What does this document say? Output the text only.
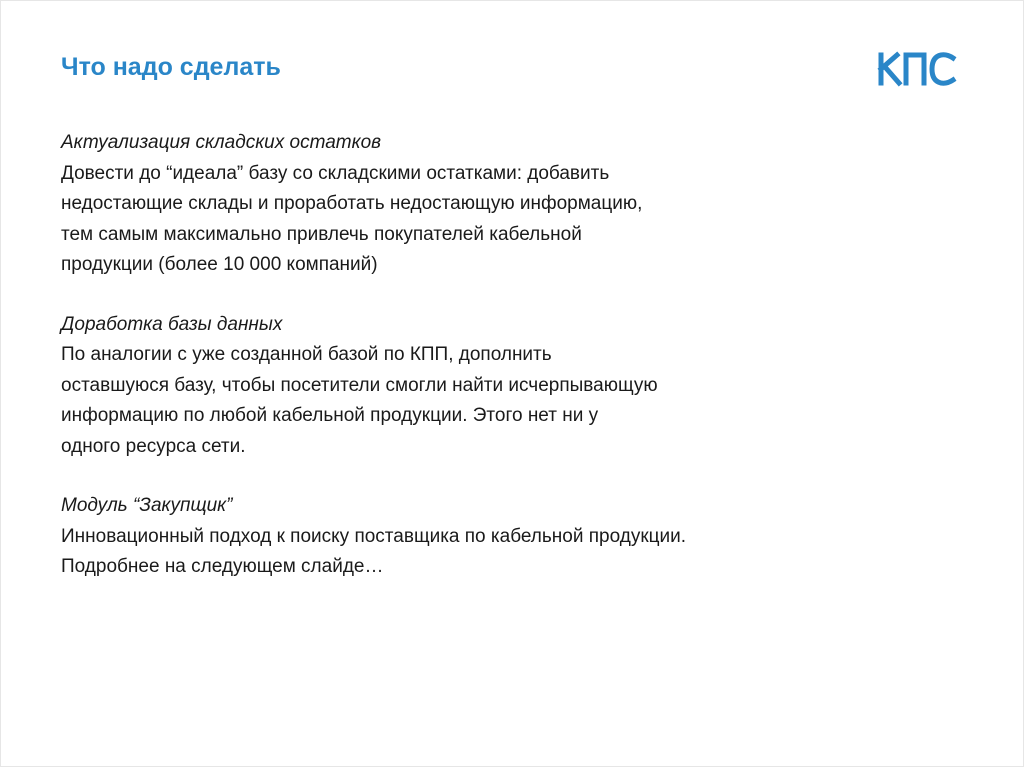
Что надо сделать
Актуализация складских остатков
Довести до “идеала” базу со складскими остатками: добавить
недостающие склады и проработать недостающую информацию,
тем самым максимально привлечь покупателей кабельной
продукции (более 10 000 компаний)
Доработка базы данных
По аналогии с уже созданной базой по КПП, дополнить
оставшуюся базу, чтобы посетители смогли найти исчерпывающую
информацию по любой кабельной продукции. Этого нет ни у
одного ресурса сети.
Модуль “Закупщик”
Инновационный подход к поиску поставщика по кабельной продукции.
Подробнее на следующем слайде…
